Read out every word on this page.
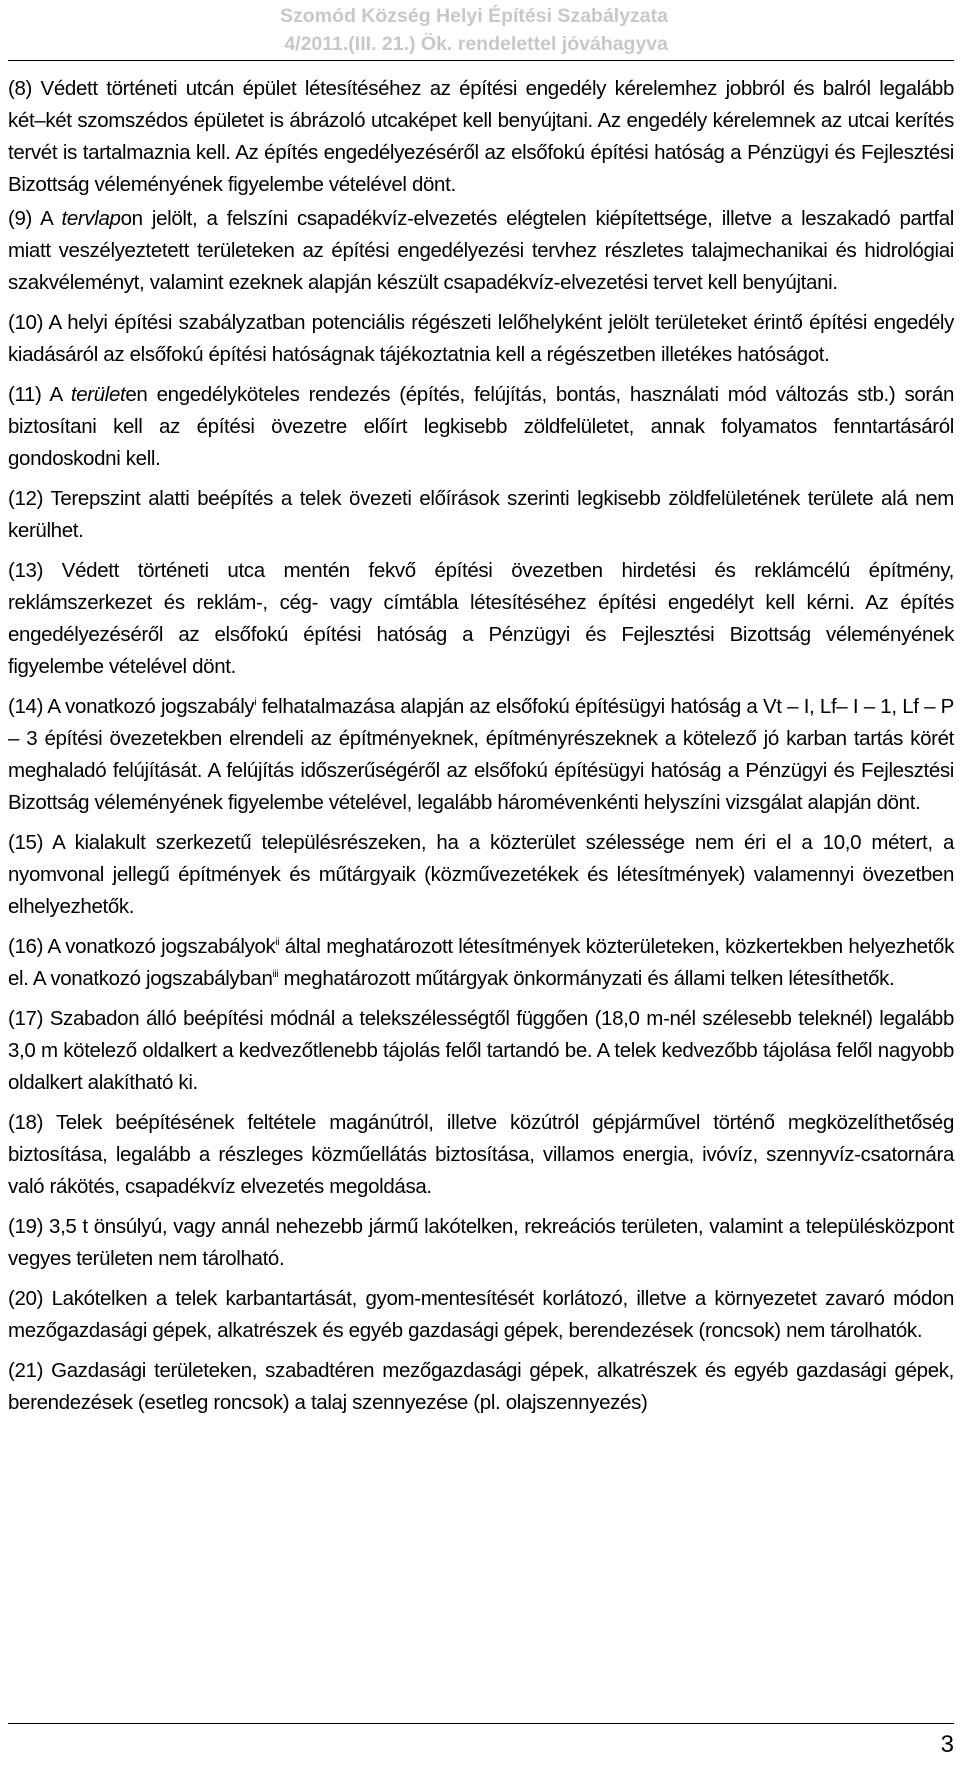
Szomód Község Helyi Építési Szabályzata
4/2011.(III. 21.) Ök. rendelettel jóváhagyva

(8) Védett történeti utcán épület létesítéséhez az építési engedély kérelemhez jobbról és balról legalább két–két szomszédos épületet is ábrázoló utcaképet kell benyújtani. Az engedély kérelemnek az utcai kerítés tervét is tartalmaznia kell. Az építés engedélyezéséről az elsőfokú építési hatóság a Pénzügyi és Fejlesztési Bizottság véleményének figyelembe vételével dönt.

(9) A tervlapon jelölt, a felszíni csapadékvíz-elvezetés elégtelen kiépítettsége, illetve a leszakadó partfal miatt veszélyeztetett területeken az építési engedélyezési tervhez részletes talajmechanikai és hidrológiai szakvéleményt, valamint ezeknek alapján készült csapadékvíz-elvezetési tervet kell benyújtani.

(10) A helyi építési szabályzatban potenciális régészeti lelőhelyként jelölt területeket érintő építési engedély kiadásáról az elsőfokú építési hatóságnak tájékoztatnia kell a régészetben illetékes hatóságot.

(11) A területen engedélyköteles rendezés (építés, felújítás, bontás, használati mód változás stb.) során biztosítani kell az építési övezetre előírt legkisebb zöldfelületet, annak folyamatos fenntartásáról gondoskodni kell.

(12) Terepszint alatti beépítés a telek övezeti előírások szerinti legkisebb zöldfelületének területe alá nem kerülhet.

(13) Védett történeti utca mentén fekvő építési övezetben hirdetési és reklámcélú építmény, reklámszerkezet és reklám-, cég- vagy címtábla létesítéséhez építési engedélyt kell kérni. Az építés engedélyezéséről az elsőfokú építési hatóság a Pénzügyi és Fejlesztési Bizottság véleményének figyelembe vételével dönt.

(14) A vonatkozó jogszabály$^i$ felhatalmazása alapján az elsőfokú építésügyi hatóság a Vt – I, Lf– I – 1, Lf – P – 3 építési övezetekben elrendeli az építményeknek, építményrészeknek a kötelező jó karban tartás körét meghaladó felújítását. A felújítás időszerűségéről az elsőfokú építésügyi hatóság a Pénzügyi és Fejlesztési Bizottság véleményének figyelembe vételével, legalább háromévenkénti helyszíni vizsgálat alapján dönt.

(15) A kialakult szerkezetű településrészeken, ha a közterület szélessége nem éri el a 10,0 métert, a nyomvonal jellegű építmények és műtárgyaik (közművezetékek és létesítmények) valamennyi övezetben elhelyezhetők.

(16) A vonatkozó jogszabályok$^{ii}$ által meghatározott létesítmények közterületeken, közkertekben helyezhetők el. A vonatkozó jogszabályban$^{iii}$ meghatározott műtárgyak önkormányzati és állami telken létesíthetők.

(17) Szabadon álló beépítési módnál a telekszélességtől függően (18,0 m-nél szélesebb teleknél) legalább 3,0 m kötelező oldalkert a kedvezőtlenebb tájolás felől tartandó be. A telek kedvezőbb tájolása felől nagyobb oldalkert alakítható ki.

(18) Telek beépítésének feltétele magánútról, illetve közútról gépjárművel történő megközelíthetőség biztosítása, legalább a részleges közműellátás biztosítása, villamos energia, ivóvíz, szennyvíz-csatornára való rákötés, csapadékvíz elvezetés megoldása.

(19) 3,5 t önsúlyú, vagy annál nehezebb jármű lakótelken, rekreációs területen, valamint a településközpont vegyes területen nem tárolható.

(20) Lakótelken a telek karbantartását, gyom-mentesítését korlátozó, illetve a környezetet zavaró módon mezőgazdasági gépek, alkatrészek és egyéb gazdasági gépek, berendezések (roncsok) nem tárolhatók.

(21) Gazdasági területeken, szabadtéren mezőgazdasági gépek, alkatrészek és egyéb gazdasági gépek, berendezések (esetleg roncsok) a talaj szennyezése (pl. olajszennyezés)

3
